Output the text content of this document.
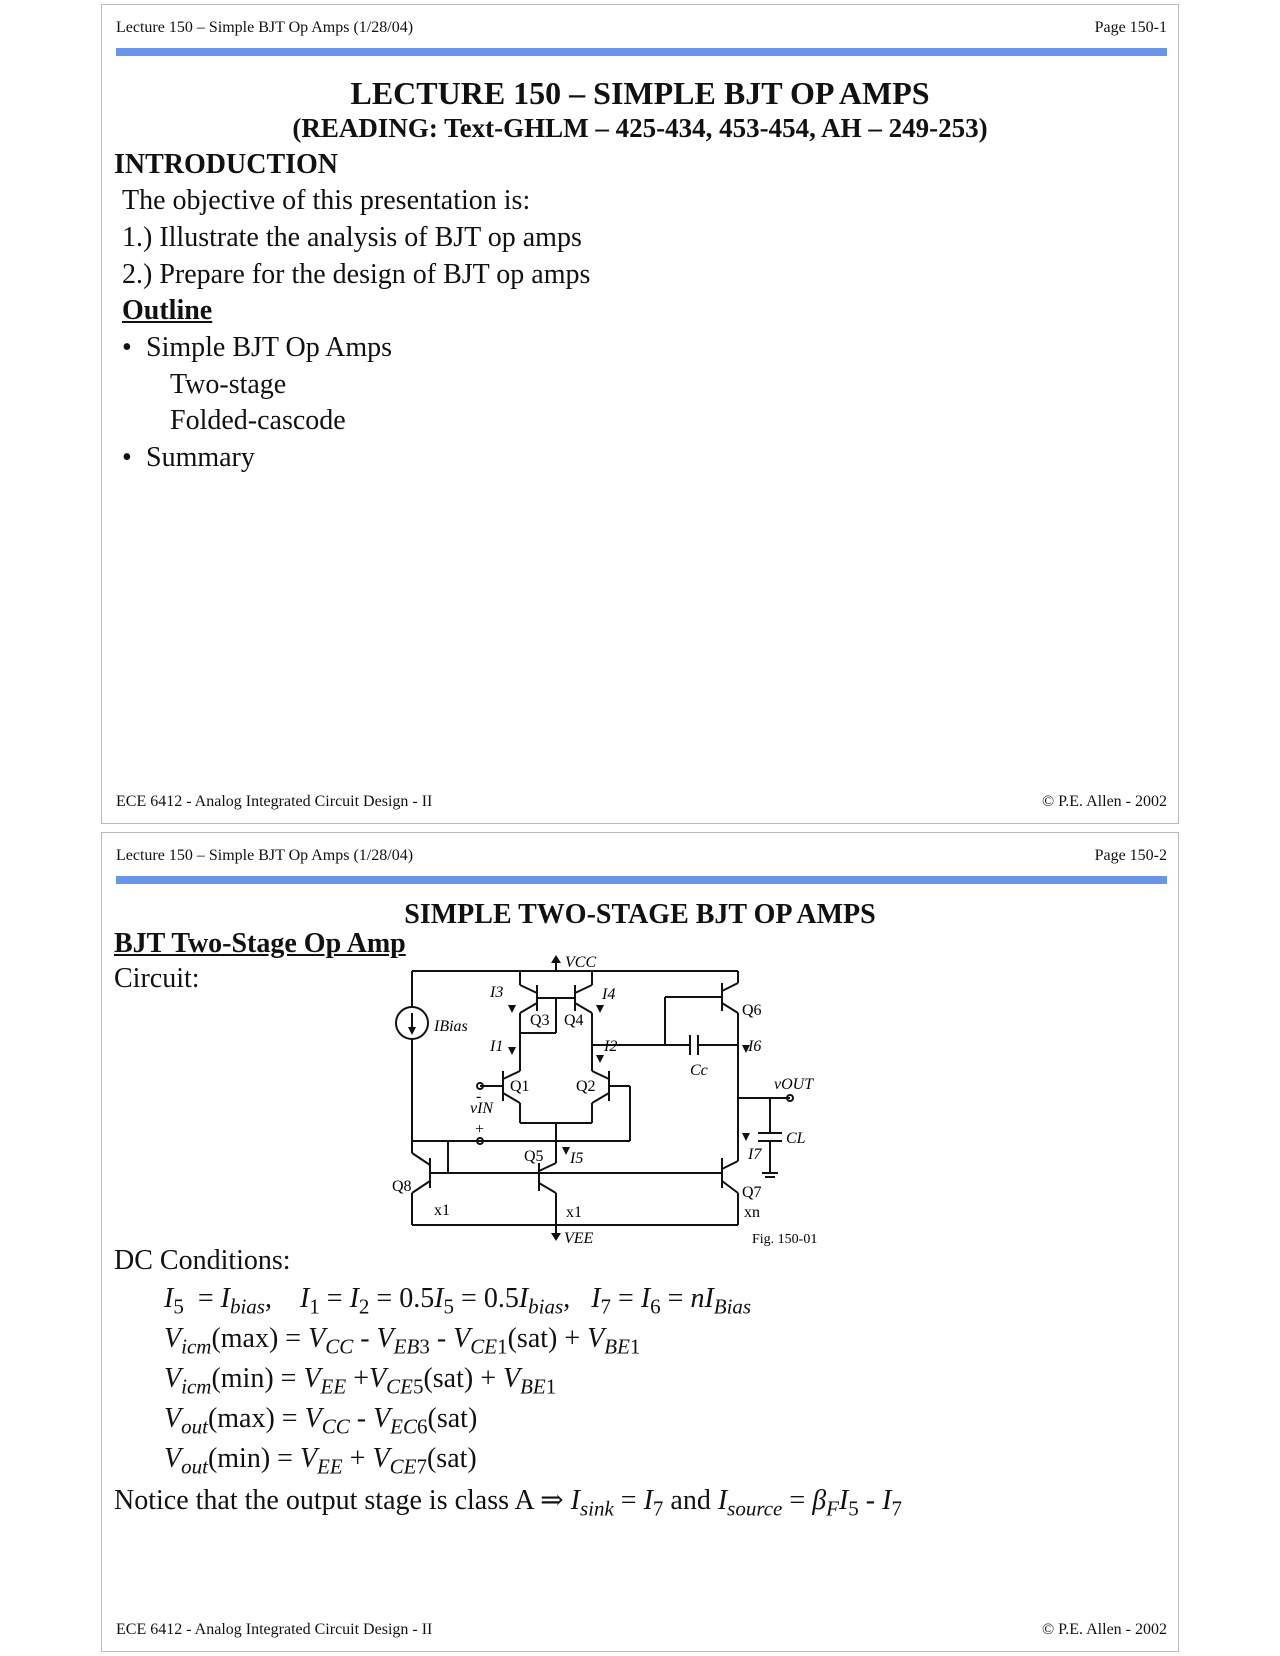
Lecture 150 – Simple BJT Op Amps (1/28/04)	Page 150-1
LECTURE 150 – SIMPLE BJT OP AMPS
(READING: Text-GHLM – 425-434, 453-454, AH – 249-253)
INTRODUCTION
The objective of this presentation is:
1.) Illustrate the analysis of BJT op amps
2.) Prepare for the design of BJT op amps
Outline
• Simple BJT Op Amps
Two-stage
Folded-cascode
• Summary
ECE 6412 - Analog Integrated Circuit Design - II	© P.E. Allen - 2002
Lecture 150 – Simple BJT Op Amps (1/28/04)	Page 150-2
SIMPLE TWO-STAGE BJT OP AMPS
BJT Two-Stage Op Amp
Circuit:
VCC
IBias
I3	I4
Q3 Q4
I1	I2
Q1	Q2
vIN
-
+
Q5 I5
Q8
x1	x1
VEE
Q6
I6
Cc
vOUT
CL
I7
Q7
xn
Fig. 150-01
DC Conditions:
$I_5 = I_{bias}$,    $I_1 = I_2 = 0.5I_5 = 0.5I_{bias}$,   $I_7 = I_6 = nI_{Bias}$
$V_{icm}(\max) = V_{CC} - V_{EB3} - V_{CE1}(sat) + V_{BE1}$
$V_{icm}(\min) = V_{EE} +V_{CE5}(sat) + V_{BE1}$
$V_{out}(\max) = V_{CC} - V_{EC6}(sat)$
$V_{out}(\min) = V_{EE} + V_{CE7}(sat)$
Notice that the output stage is class A ⇒ $I_{sink} = I_7$ and $I_{source} = \beta_FI_5 - I_7$
ECE 6412 - Analog Integrated Circuit Design - II	© P.E. Allen - 2002
